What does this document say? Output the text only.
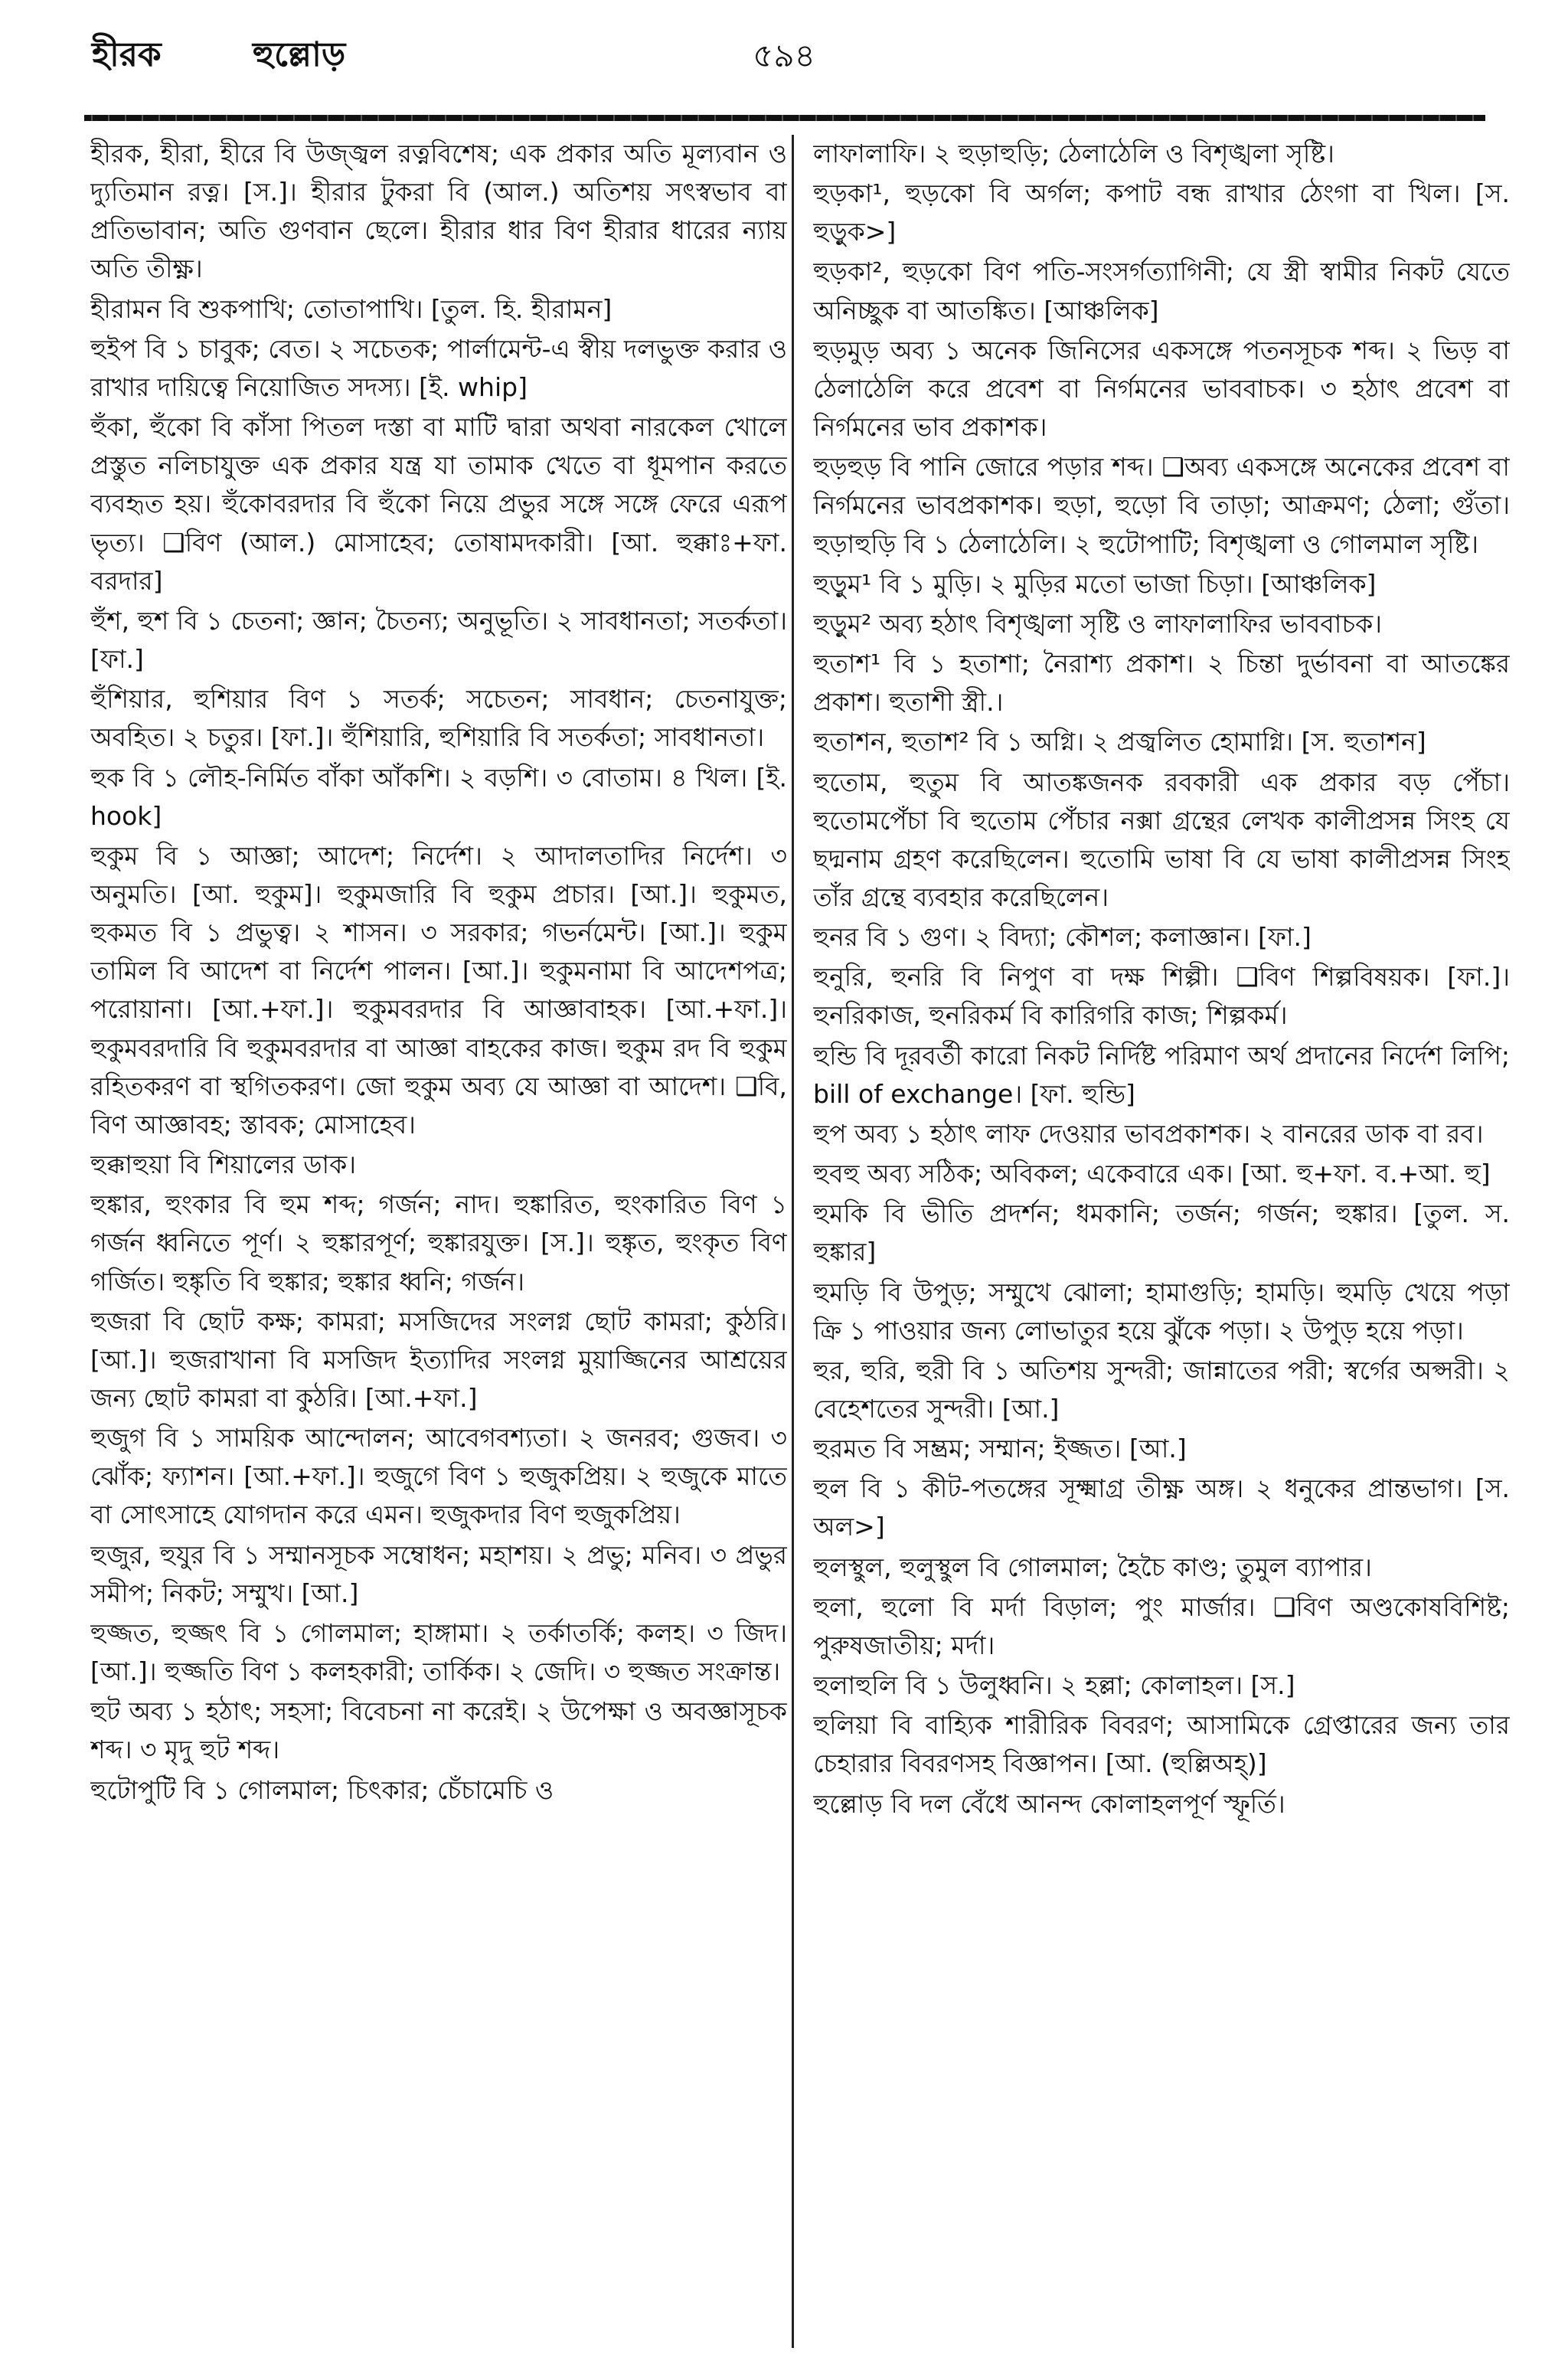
হীরক	হুল্লোড়	৫৯৪

হীরক, হীরা, হীরে বি উজ্জ্বল রত্নবিশেষ; এক প্রকার অতি মূল্যবান ও দ্যুতিমান রত্ন। [স.]। হীরার টুকরা বি (আল.) অতিশয় সৎস্বভাব বা প্রতিভাবান; অতি গুণবান ছেলে। হীরার ধার বিণ হীরার ধারের ন্যায় অতি তীক্ষ্ণ।

হীরামন বি শুকপাখি; তোতাপাখি। [তুল. হি. হীরামন]

হুইপ বি ১ চাবুক; বেত। ২ সচেতক; পার্লামেন্ট-এ স্বীয় দলভুক্ত করার ও রাখার দায়িত্বে নিয়োজিত সদস্য। [ই. whip]

হুঁকা, হুঁকো বি কাঁসা পিতল দস্তা বা মাটি দ্বারা অথবা নারকেল খোলে প্রস্তুত নলিচাযুক্ত এক প্রকার যন্ত্র যা তামাক খেতে বা ধূমপান করতে ব্যবহৃত হয়। হুঁকোবরদার বি হুঁকো নিয়ে প্রভুর সঙ্গে সঙ্গে ফেরে এরূপ ভৃত্য। ❑বিণ (আল.) মোসাহেব; তোষামদকারী। [আ. হুক্কাঃ+ফা. বরদার]

হুঁশ, হুশ বি ১ চেতনা; জ্ঞান; চৈতন্য; অনুভূতি। ২ সাবধানতা; সতর্কতা। [ফা.]

হুঁশিয়ার, হুশিয়ার বিণ ১ সতর্ক; সচেতন; সাবধান; চেতনাযুক্ত; অবহিত। ২ চতুর। [ফা.]। হুঁশিয়ারি, হুশিয়ারি বি সতর্কতা; সাবধানতা।

হুক বি ১ লৌহ-নির্মিত বাঁকা আঁকশি। ২ বড়শি। ৩ বোতাম। ৪ খিল। [ই. hook]

হুকুম বি ১ আজ্ঞা; আদেশ; নির্দেশ। ২ আদালতাদির নির্দেশ। ৩ অনুমতি। [আ. হুকুম]। হুকুমজারি বি হুকুম প্রচার। [আ.]। হুকুমত, হুকমত বি ১ প্রভুত্ব। ২ শাসন। ৩ সরকার; গভর্নমেন্ট। [আ.]। হুকুম তামিল বি আদেশ বা নির্দেশ পালন। [আ.]। হুকুমনামা বি আদেশপত্র; পরোয়ানা। [আ.+ফা.]। হুকুমবরদার বি আজ্ঞাবাহক। [আ.+ফা.]। হুকুমবরদারি বি হুকুমবরদার বা আজ্ঞা বাহকের কাজ। হুকুম রদ বি হুকুম রহিতকরণ বা স্থগিতকরণ। জো হুকুম অব্য যে আজ্ঞা বা আদেশ। ❑বি, বিণ আজ্ঞাবহ; স্তাবক; মোসাহেব।

হুক্কাহুয়া বি শিয়ালের ডাক।

হুঙ্কার, হুংকার বি হুম শব্দ; গর্জন; নাদ। হুঙ্কারিত, হুংকারিত বিণ ১ গর্জন ধ্বনিতে পূর্ণ। ২ হুঙ্কারপূর্ণ; হুঙ্কারযুক্ত। [স.]। হুঙ্কৃত, হুংকৃত বিণ গর্জিত। হুঙ্কৃতি বি হুঙ্কার; হুঙ্কার ধ্বনি; গর্জন।

হুজরা বি ছোট কক্ষ; কামরা; মসজিদের সংলগ্ন ছোট কামরা; কুঠরি। [আ.]। হুজরাখানা বি মসজিদ ইত্যাদির সংলগ্ন মুয়াজ্জিনের আশ্রয়ের জন্য ছোট কামরা বা কুঠরি। [আ.+ফা.]

হুজুগ বি ১ সাময়িক আন্দোলন; আবেগবশ্যতা। ২ জনরব; গুজব। ৩ ঝোঁক; ফ্যাশন। [আ.+ফা.]। হুজুগে বিণ ১ হুজুকপ্রিয়। ২ হুজুকে মাতে বা সোৎসাহে যোগদান করে এমন। হুজুকদার বিণ হুজুকপ্রিয়।

হুজুর, হুযুর বি ১ সম্মানসূচক সম্বোধন; মহাশয়। ২ প্রভু; মনিব। ৩ প্রভুর সমীপ; নিকট; সম্মুখ। [আ.]

হুজ্জত, হুজ্জৎ বি ১ গোলমাল; হাঙ্গামা। ২ তর্কাতর্কি; কলহ। ৩ জিদ। [আ.]। হুজ্জতি বিণ ১ কলহকারী; তার্কিক। ২ জেদি। ৩ হুজ্জত সংক্রান্ত।

হুট অব্য ১ হঠাৎ; সহসা; বিবেচনা না করেই। ২ উপেক্ষা ও অবজ্ঞাসূচক শব্দ। ৩ মৃদু হুট শব্দ।

হুটোপুটি বি ১ গোলমাল; চিৎকার; চেঁচামেচি ও

লাফালাফি। ২ হুড়াহুড়ি; ঠেলাঠেলি ও বিশৃঙ্খলা সৃষ্টি।

হুড়কা¹, হুড়কো বি অর্গল; কপাট বন্ধ রাখার ঠেংগা বা খিল। [স. হুড়ুক>]

হুড়কা², হুড়কো বিণ পতি-সংসর্গত্যাগিনী; যে স্ত্রী স্বামীর নিকট যেতে অনিচ্ছুক বা আতঙ্কিত। [আঞ্চলিক]

হুড়মুড় অব্য ১ অনেক জিনিসের একসঙ্গে পতনসূচক শব্দ। ২ ভিড় বা ঠেলাঠেলি করে প্রবেশ বা নির্গমনের ভাববাচক। ৩ হঠাৎ প্রবেশ বা নির্গমনের ভাব প্রকাশক।

হুড়হুড় বি পানি জোরে পড়ার শব্দ। ❑অব্য একসঙ্গে অনেকের প্রবেশ বা নির্গমনের ভাবপ্রকাশক। হুড়া, হুড়ো বি তাড়া; আক্রমণ; ঠেলা; গুঁতা। হুড়াহুড়ি বি ১ ঠেলাঠেলি। ২ হুটোপাটি; বিশৃঙ্খলা ও গোলমাল সৃষ্টি।

হুড়ুম¹ বি ১ মুড়ি। ২ মুড়ির মতো ভাজা চিড়া। [আঞ্চলিক]

হুড়ুম² অব্য হঠাৎ বিশৃঙ্খলা সৃষ্টি ও লাফালাফির ভাববাচক।

হুতাশ¹ বি ১ হতাশা; নৈরাশ্য প্রকাশ। ২ চিন্তা দুর্ভাবনা বা আতঙ্কের প্রকাশ। হুতাশী স্ত্রী.।

হুতাশন, হুতাশ² বি ১ অগ্নি। ২ প্রজ্বলিত হোমাগ্নি। [স. হুতাশন]

হুতোম, হুতুম বি আতঙ্কজনক রবকারী এক প্রকার বড় পেঁচা। হুতোমপেঁচা বি হুতোম পেঁচার নক্সা গ্রন্থের লেখক কালীপ্রসন্ন সিংহ যে ছদ্মনাম গ্রহণ করেছিলেন। হুতোমি ভাষা বি যে ভাষা কালীপ্রসন্ন সিংহ তাঁর গ্রন্থে ব্যবহার করেছিলেন।

হুনর বি ১ গুণ। ২ বিদ্যা; কৌশল; কলাজ্ঞান। [ফা.]

হুনুরি, হুনরি বি নিপুণ বা দক্ষ শিল্পী। ❑বিণ শিল্পবিষয়ক। [ফা.]। হুনরিকাজ, হুনরিকর্ম বি কারিগরি কাজ; শিল্পকর্ম।

হুন্ডি বি দূরবর্তী কারো নিকট নির্দিষ্ট পরিমাণ অর্থ প্রদানের নির্দেশ লিপি; bill of exchange। [ফা. হুন্ডি]

হুপ অব্য ১ হঠাৎ লাফ দেওয়ার ভাবপ্রকাশক। ২ বানরের ডাক বা রব।

হুবহু অব্য সঠিক; অবিকল; একেবারে এক। [আ. হু+ফা. ব.+আ. হু]

হুমকি বি ভীতি প্রদর্শন; ধমকানি; তর্জন; গর্জন; হুঙ্কার। [তুল. স. হুঙ্কার]

হুমড়ি বি উপুড়; সম্মুখে ঝোলা; হামাগুড়ি; হামড়ি। হুমড়ি খেয়ে পড়া ক্রি ১ পাওয়ার জন্য লোভাতুর হয়ে ঝুঁকে পড়া। ২ উপুড় হয়ে পড়া।

হুর, হুরি, হুরী বি ১ অতিশয় সুন্দরী; জান্নাতের পরী; স্বর্গের অপ্সরী। ২ বেহেশতের সুন্দরী। [আ.]

হুরমত বি সম্ভ্রম; সম্মান; ইজ্জত। [আ.]

হুল বি ১ কীট-পতঙ্গের সূক্ষ্মাগ্র তীক্ষ্ণ অঙ্গ। ২ ধনুকের প্রান্তভাগ। [স. অল>]

হুলস্থুল, হুলুস্থুল বি গোলমাল; হৈচৈ কাণ্ড; তুমুল ব্যাপার।

হুলা, হুলো বি মর্দা বিড়াল; পুং মার্জার। ❑বিণ অণ্ডকোষবিশিষ্ট; পুরুষজাতীয়; মর্দা।

হুলাহুলি বি ১ উলুধ্বনি। ২ হল্লা; কোলাহল। [স.]

হুলিয়া বি বাহ্যিক শারীরিক বিবরণ; আসামিকে গ্রেপ্তারের জন্য তার চেহারার বিবরণসহ বিজ্ঞাপন। [আ. (হুল্লিঅহ্)]

হুল্লোড় বি দল বেঁধে আনন্দ কোলাহলপূর্ণ স্ফূর্তি।
